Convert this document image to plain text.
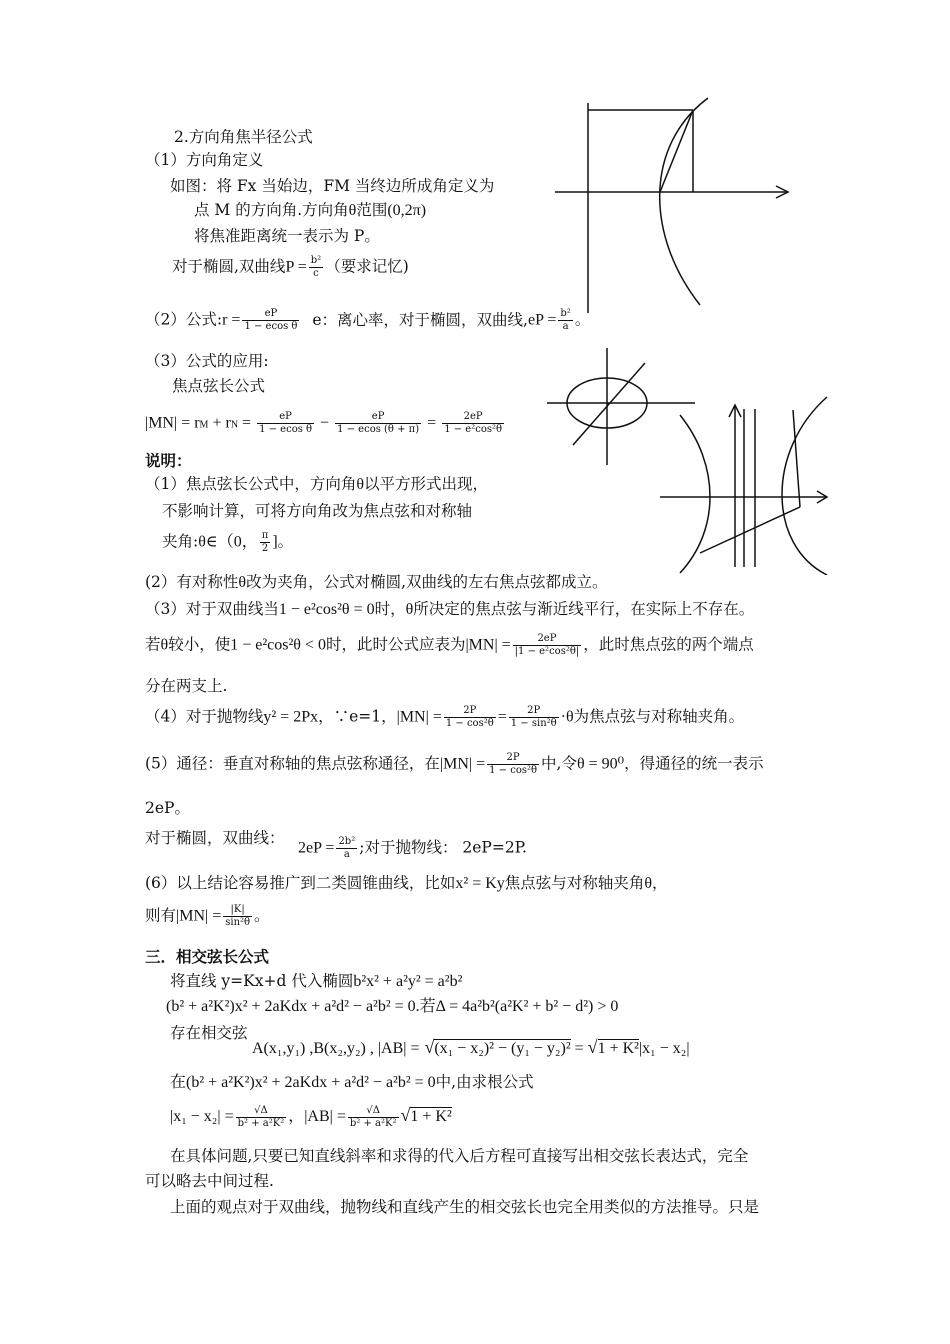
2.方向角焦半径公式
（1）方向角定义
如图：将 Fx 当始边，FM 当终边所成角定义为
点 M 的方向角.方向角θ范围(0,2π)
将焦准距离统一表示为 P。
对于椭圆,双曲线$P = \frac{\text{b²}}{c}$ （要求记忆)
（2）公式:r = $\frac{eP}{\text{1 − ecos θ}}$ e：离心率，对于椭圆，双曲线$,eP = \frac{\text{b²}}{a}$ 。
（3）公式的应用:
焦点弦长公式
|MN| = rM + rN = $\frac{eP}{\text{1 − ecos θ}} - \frac{eP}{1 - ecos (\theta + \pi)} = \frac{2eP}{\text{1 − e²cos²θ}}$
说明：
（1）焦点弦长公式中，方向角θ以平方形式出现，
不影响计算，可将方向角改为焦点弦和对称轴
夹角:θ∈（0， $\frac{\pi}{2}$ ]。
(2）有对称性θ改为夹角，公式对椭圆,双曲线的左右焦点弦都成立。
（3）对于双曲线当1 − e²cos²θ = 0时，θ所决定的焦点弦与渐近线平行，在实际上不存在。
若θ较小，使1 − e²cos²θ < 0时，此时公式应表为$|MN| = \frac{2eP}{\text{|1 − e²cos²θ|}}$ ，此时焦点弦的两个端点
分在两支上.
（4）对于抛物线y² = 2Px，∵e=1，$|MN| = \frac{2P}{\text{1 − cos²θ}} = \frac{2P}{\text{1 − sin²θ}} \cdot\theta$为焦点弦与对称轴夹角。
(5）通径：垂直对称轴的焦点弦称通径，在$|MN| = \frac{2P}{\text{1 − cos²θ}}$ 中,令θ = 90⁰，得通径的统一表示
2eP。
对于椭圆，双曲线：
$2eP = \frac{\text{2b²}}{a}$ ;对于抛物线： 2eP=2P.
(6）以上结论容易推广到二类圆锥曲线，比如x² = Ky焦点弦与对称轴夹角θ，
则有$|MN| = \frac{|K|}{\text{sin²θ}}$ 。
三．相交弦长公式
将直线 y=Kx+d 代入椭圆b²x² + a²y² = a²b²
(b² + a²K²)x² + 2aKdx + a²d² − a²b² = 0.若Δ = 4a²b²(a²K² + b² − d²) > 0
存在相交弦
A(x₁,y₁) ,B(x₂,y₂) , |AB| = √(x₁ − x₂)² − (y₁ − y₂)² = √1 + K²|x₁ − x₂|
在(b² + a²K²)x² + 2aKdx + a²d² − a²b² = 0中,由求根公式
$|x_1 - x_2| = \frac{√\Delta}{\text{b² + a²K²}}$ ，$|AB| = \frac{√\Delta}{\text{b² + a²K²}} √1 + K^2$
在具体问题,只要已知直线斜率和求得的代入后方程可直接写出相交弦长表达式，完全
可以略去中间过程.
上面的观点对于双曲线，抛物线和直线产生的相交弦长也完全用类似的方法推导。只是
